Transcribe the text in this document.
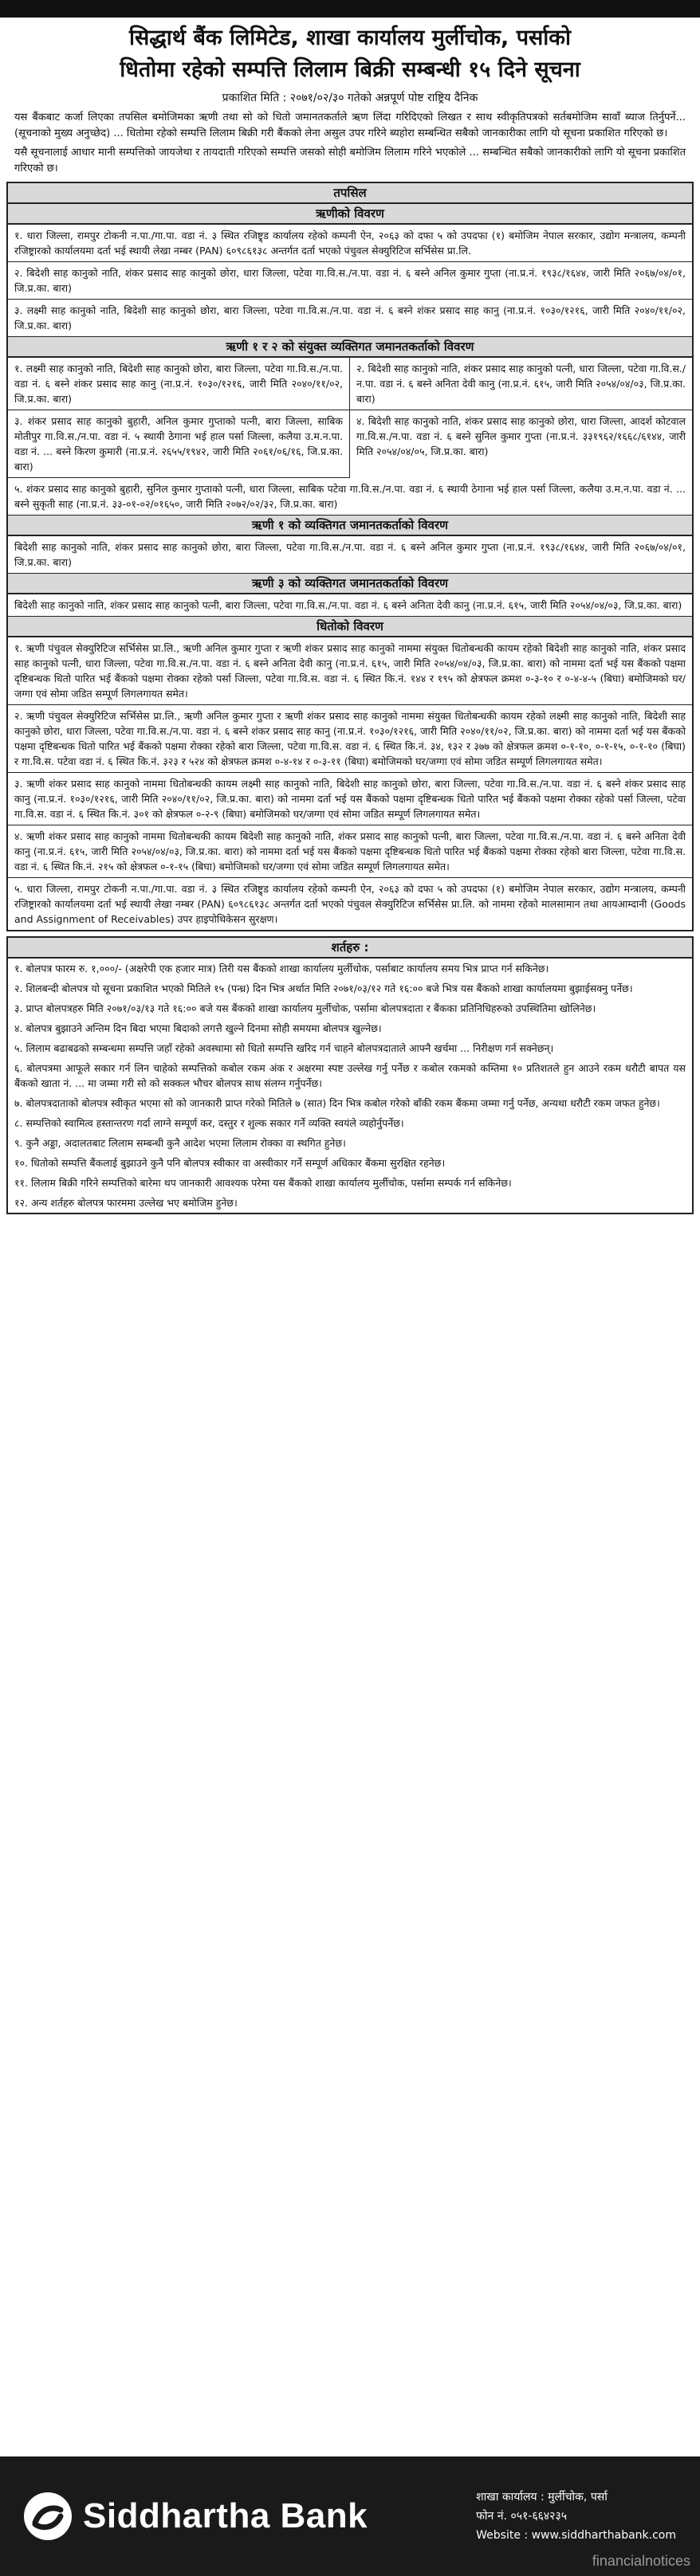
सिद्धार्थ बैंक लिमिटेड, शाखा कार्यालय मुर्लीचोक, पर्साको
धितोमा रहेको सम्पत्ति लिलाम बिक्री सम्बन्धी १५ दिने सूचना
प्रकाशित मिति : २०७१/०२/३० गतेको अन्नपूर्ण पोष्ट राष्ट्रिय दैनिक
यस बैंकबाट कर्जा लिएका तपसिल बमोजिमका ऋणी तथा सो को धितो जमानतकर्ताले ऋण लिंदा गरिदिएको लिखत र साथ स्वीकृतिपत्रको सर्तबमोजिम सावाँ ब्याज तिर्नुपर्ने... (सूचनाको मुख्य अनुच्छेद) ... धितोमा रहेको सम्पत्ति लिलाम बिक्री गरी बैंकको लेना असुल उपर गरिने ब्यहोरा सम्बन्धित सबैको जानकारीका लागि यो सूचना प्रकाशित गरिएको छ।
यसै सूचनालाई आधार मानी सम्पत्तिको जायजेथा र तायदाती गरिएको सम्पत्ति जसको सोही बमोजिम लिलाम गरिने भएकोले ... सम्बन्धित सबैको जानकारीको लागि यो सूचना प्रकाशित गरिएको छ।
तपसिल
ऋणीको विवरण
१. धारा जिल्ला, रामपुर टोकनी न.पा./गा.पा. वडा नं. ३ स्थित रजिष्ट्र्ड कार्यालय रहेको कम्पनी ऐन, २०६३ को दफा ५ को उपदफा (१) बमोजिम नेपाल सरकार, उद्योग मन्त्रालय, कम्पनी रजिष्ट्रारको कार्यालयमा दर्ता भई स्थायी लेखा नम्बर (PAN) ६०९८६१३८ अन्तर्गत दर्ता भएको पंचुवल सेक्युरिटिज सर्भिसेस प्रा.लि.
२. बिदेशी साह कानुको नाति, शंकर प्रसाद साह कानुको छोरा, धारा जिल्ला, पटेवा गा.वि.स./न.पा. वडा नं. ६ बस्ने अनिल कुमार गुप्ता (ना.प्र.नं. १९३८/१६४४, जारी मिति २०६७/०४/०१, जि.प्र.का. बारा)
३. लक्ष्मी साह कानुको नाति, बिदेशी साह कानुको छोरा, बारा जिल्ला, पटेवा गा.वि.स./न.पा. वडा नं. ६ बस्ने शंकर प्रसाद साह कानु (ना.प्र.नं. १०३०/१२१६, जारी मिति २०४०/११/०२, जि.प्र.का. बारा)
ऋणी १ र २ को संयुक्त व्यक्तिगत जमानतकर्ताको विवरण
१. लक्ष्मी साह कानुको नाति, बिदेशी साह कानुको छोरा, बारा जिल्ला, पटेवा गा.वि.स./न.पा. वडा नं. ६ बस्ने शंकर प्रसाद साह कानु (ना.प्र.नं. १०३०/१२१६, जारी मिति २०४०/११/०२, जि.प्र.का. बारा)
२. बिदेशी साह कानुको नाति, शंकर प्रसाद साह कानुको पत्नी, धारा जिल्ला, पटेवा गा.वि.स./न.पा. वडा नं. ६ बस्ने अनिता देवी कानु (ना.प्र.नं. ६१५, जारी मिति २०५४/०४/०३, जि.प्र.का. बारा)
३. शंकर प्रसाद साह कानुको बुहारी, अनिल कुमार गुप्ताको पत्नी, बारा जिल्ला, साबिक मोतीपुर गा.वि.स./न.पा. वडा नं. ५ स्थायी ठेगाना भई हाल पर्सा जिल्ला, कलैया उ.म.न.पा. वडा नं. ... बस्ने किरण कुमारी (ना.प्र.नं. २६५५/१९४२, जारी मिति २०६१/०६/१६, जि.प्र.का. बारा)
४. बिदेशी साह कानुको नाति, शंकर प्रसाद साह कानुको छोरा, धारा जिल्ला, आदर्श कोटवाल गा.वि.स./न.पा. वडा नं. ६ बस्ने सुनिल कुमार गुप्ता (ना.प्र.नं. ३३१९६२/१६६८/६१४४, जारी मिति २०५४/०४/०५, जि.प्र.का. बारा)
५. शंकर प्रसाद साह कानुको बुहारी, सुनिल कुमार गुप्ताको पत्नी, धारा जिल्ला, साबिक पटेवा गा.वि.स./न.पा. वडा नं. ६ स्थायी ठेगाना भई हाल पर्सा जिल्ला, कलैया उ.म.न.पा. वडा नं. ... बस्ने सुकृती साह (ना.प्र.नं. ३३-०१-०२/०१६५०, जारी मिति २०७२/०२/३२, जि.प्र.का. बारा)
ऋणी १ को व्यक्तिगत जमानतकर्ताको विवरण
बिदेशी साह कानुको नाति, शंकर प्रसाद साह कानुको छोरा, बारा जिल्ला, पटेवा गा.वि.स./न.पा. वडा नं. ६ बस्ने अनिल कुमार गुप्ता (ना.प्र.नं. १९३८/१६४४, जारी मिति २०६७/०४/०१, जि.प्र.का. बारा)
ऋणी ३ को व्यक्तिगत जमानतकर्ताको विवरण
बिदेशी साह कानुको नाति, शंकर प्रसाद साह कानुको पत्नी, बारा जिल्ला, पटेवा गा.वि.स./न.पा. वडा नं. ६ बस्ने अनिता देवी कानु (ना.प्र.नं. ६१५, जारी मिति २०५४/०४/०३, जि.प्र.का. बारा)
धितोको विवरण
१. ऋणी पंचुवल सेक्युरिटिज सर्भिसेस प्रा.लि., ऋणी अनिल कुमार गुप्ता र ऋणी शंकर प्रसाद साह कानुको नाममा संयुक्त धितोबन्धकी कायम रहेको बिदेशी साह कानुको नाति, शंकर प्रसाद साह कानुको पत्नी, धारा जिल्ला, पटेवा गा.वि.स./न.पा. वडा नं. ६ बस्ने अनिता देवी कानु (ना.प्र.नं. ६१५, जारी मिति २०५४/०४/०३, जि.प्र.का. बारा) को नाममा दर्ता भई यस बैंकको पक्षमा दृष्टिबन्धक धितो पारित भई बैंकको पक्षमा रोक्का रहेको पर्सा जिल्ला, पटेवा गा.वि.स. वडा नं. ६ स्थित कि.नं. १४४ र १९५ को क्षेत्रफल क्रमश ०-३-१० र ०-४-४-५ (बिघा) बमोजिमको घर/जग्गा एवं सोमा जडित सम्पूर्ण लिगलगायत समेत।
२. ऋणी पंचुवल सेक्युरिटिज सर्भिसेस प्रा.लि., ऋणी अनिल कुमार गुप्ता र ऋणी शंकर प्रसाद साह कानुको नाममा संयुक्त धितोबन्धकी कायम रहेको लक्ष्मी साह कानुको नाति, बिदेशी साह कानुको छोरा, धारा जिल्ला, पटेवा गा.वि.स./न.पा. वडा नं. ६ बस्ने शंकर प्रसाद साह कानु (ना.प्र.नं. १०३०/१२१६, जारी मिति २०४०/११/०२, जि.प्र.का. बारा) को नाममा दर्ता भई यस बैंकको पक्षमा दृष्टिबन्धक धितो पारित भई बैंकको पक्षमा रोक्का रहेको बारा जिल्ला, पटेवा गा.वि.स. वडा नं. ६ स्थित कि.नं. ३४, १३२ र ३७७ को क्षेत्रफल क्रमश ०-१-१०, ०-१-१५, ०-१-१० (बिघा) र गा.वि.स. पटेवा वडा नं. ६ स्थित कि.नं. ३२३ र ५२४ को क्षेत्रफल क्रमश ०-४-१४ र ०-३-११ (बिघा) बमोजिमको घर/जग्गा एवं सोमा जडित सम्पूर्ण लिगलगायत समेत।
३. ऋणी शंकर प्रसाद साह कानुको नाममा धितोबन्धकी कायम लक्ष्मी साह कानुको नाति, बिदेशी साह कानुको छोरा, बारा जिल्ला, पटेवा गा.वि.स./न.पा. वडा नं. ६ बस्ने शंकर प्रसाद साह कानु (ना.प्र.नं. १०३०/१२१६, जारी मिति २०४०/११/०२, जि.प्र.का. बारा) को नाममा दर्ता भई यस बैंकको पक्षमा दृष्टिबन्धक धितो पारित भई बैंकको पक्षमा रोक्का रहेको पर्सा जिल्ला, पटेवा गा.वि.स. वडा नं. ६ स्थित कि.नं. ३०१ को क्षेत्रफल ०-२-९ (बिघा) बमोजिमको घर/जग्गा एवं सोमा जडित सम्पूर्ण लिगलगायत समेत।
४. ऋणी शंकर प्रसाद साह कानुको नाममा धितोबन्धकी कायम बिदेशी साह कानुको नाति, शंकर प्रसाद साह कानुको पत्नी, बारा जिल्ला, पटेवा गा.वि.स./न.पा. वडा नं. ६ बस्ने अनिता देवी कानु (ना.प्र.नं. ६१५, जारी मिति २०५४/०४/०३, जि.प्र.का. बारा) को नाममा दर्ता भई यस बैंकको पक्षमा दृष्टिबन्धक धितो पारित भई बैंकको पक्षमा रोक्का रहेको बारा जिल्ला, पटेवा गा.वि.स. वडा नं. ६ स्थित कि.नं. २१५ को क्षेत्रफल ०-१-१५ (बिघा) बमोजिमको घर/जग्गा एवं सोमा जडित सम्पूर्ण लिगलगायत समेत।
५. धारा जिल्ला, रामपुर टोकनी न.पा./गा.पा. वडा नं. ३ स्थित रजिष्ट्र्ड कार्यालय रहेको कम्पनी ऐन, २०६३ को दफा ५ को उपदफा (१) बमोजिम नेपाल सरकार, उद्योग मन्त्रालय, कम्पनी रजिष्ट्रारको कार्यालयमा दर्ता भई स्थायी लेखा नम्बर (PAN) ६०९८६१३८ अन्तर्गत दर्ता भएको पंचुवल सेक्युरिटिज सर्भिसेस प्रा.लि. को नाममा रहेको मालसामान तथा आयआम्दानी (Goods and Assignment of Receivables) उपर हाइपोथिकेसन सुरक्षण।
शर्तहरु :
१. बोलपत्र फारम रु. १,०००/- (अक्षरेपी एक हजार मात्र) तिरी यस बैंकको शाखा कार्यालय मुर्लीचोक, पर्साबाट कार्यालय समय भित्र प्राप्त गर्न सकिनेछ।
२. शिलबन्दी बोलपत्र यो सूचना प्रकाशित भएको मितिले १५ (पन्ध्र) दिन भित्र अर्थात मिति २०७१/०३/१२ गते १६:०० बजे भित्र यस बैंकको शाखा कार्यालयमा बुझाईसक्नु पर्नेछ।
३. प्राप्त बोलपत्रहरु मिति २०७१/०३/१३ गते १६:०० बजे यस बैंकको शाखा कार्यालय मुर्लीचोक, पर्सामा बोलपत्रदाता र बैंकका प्रतिनिधिहरुको उपस्थितिमा खोलिनेछ।
४. बोलपत्र बुझाउने अन्तिम दिन बिदा भएमा बिदाको लगत्तै खुल्ने दिनमा सोही समयमा बोलपत्र खुल्नेछ।
५. लिलाम बढाबढको सम्बन्धमा सम्पत्ति जहाँ रहेको अवस्थामा सो धितो सम्पत्ति खरिद गर्न चाहने बोलपत्रदाताले आफ्नै खर्चमा ... निरीक्षण गर्न सक्नेछन्।
६. बोलपत्रमा आफूले सकार गर्न लिन चाहेको सम्पत्तिको कबोल रकम अंक र अक्षरमा स्पष्ट उल्लेख गर्नु पर्नेछ र कबोल रकमको कम्तिमा १० प्रतिशतले हुन आउने रकम धरौटी बापत यस बैंकको खाता नं. ... मा जम्मा गरी सो को सक्कल भौचर बोलपत्र साथ संलग्न गर्नुपर्नेछ।
७. बोलपत्रदाताको बोलपत्र स्वीकृत भएमा सो को जानकारी प्राप्त गरेको मितिले ७ (सात) दिन भित्र कबोल गरेको बाँकी रकम बैंकमा जम्मा गर्नु पर्नेछ, अन्यथा धरौटी रकम जफत हुनेछ।
८. सम्पत्तिको स्वामित्व हस्तान्तरण गर्दा लाग्ने सम्पूर्ण कर, दस्तुर र शुल्क सकार गर्ने व्यक्ति स्वयंले व्यहोर्नुपर्नेछ।
९. कुनै अड्डा, अदालतबाट लिलाम सम्बन्धी कुनै आदेश भएमा लिलाम रोक्का वा स्थगित हुनेछ।
१०. धितोको सम्पत्ति बैंकलाई बुझाउने कुनै पनि बोलपत्र स्वीकार वा अस्वीकार गर्ने सम्पूर्ण अधिकार बैंकमा सुरक्षित रहनेछ।
११. लिलाम बिक्री गरिने सम्पत्तिको बारेमा थप जानकारी आवश्यक परेमा यस बैंकको शाखा कार्यालय मुर्लीचोक, पर्सामा सम्पर्क गर्न सकिनेछ।
१२. अन्य शर्तहरु बोलपत्र फारममा उल्लेख भए बमोजिम हुनेछ।
Siddhartha Bank	शाखा कार्यालय : मुर्लीचोक, पर्सा
फोन नं. ०५१-६६४२३५
Website : www.siddharthabank.com
financialnotices
